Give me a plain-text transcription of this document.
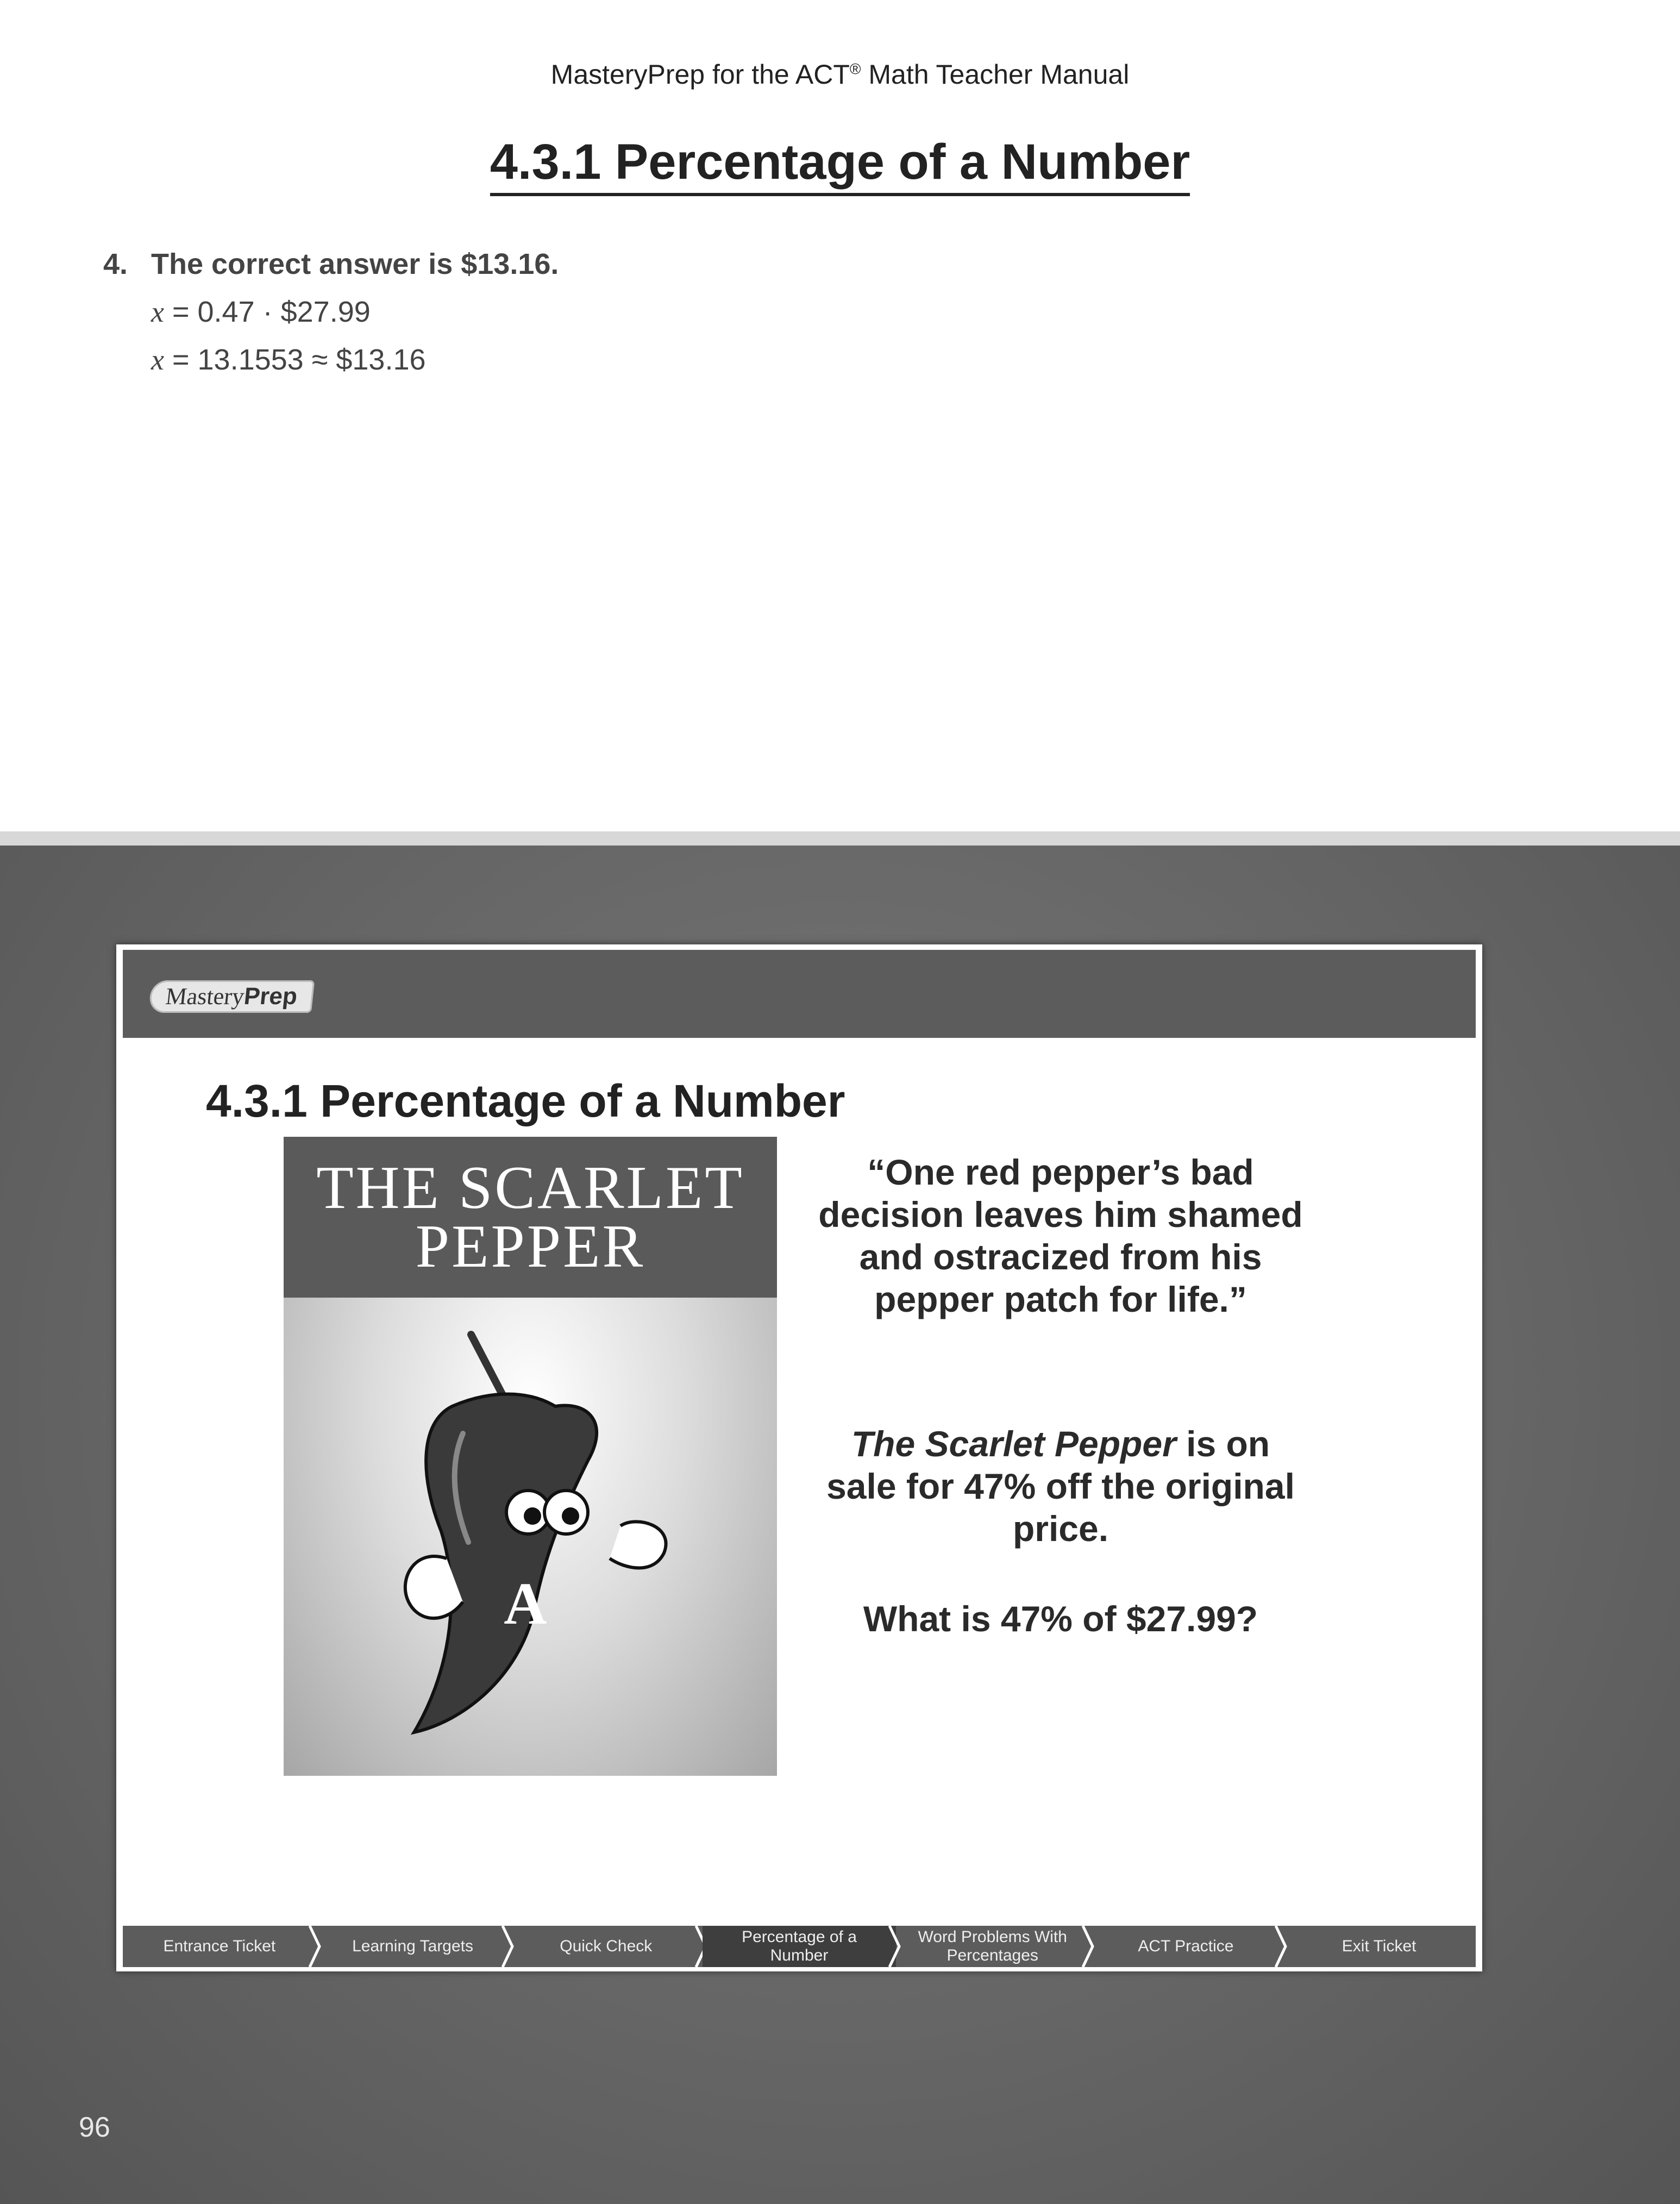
MasteryPrep for the ACT® Math Teacher Manual
4.3.1 Percentage of a Number
4. The correct answer is $13.16.
x = 0.47 · $27.99
x = 13.1553 ≈ $13.16
MasteryPrep
4.3.1 Percentage of a Number
THE SCARLET
PEPPER
A
“One red pepper’s bad decision leaves him shamed and ostracized from his pepper patch for life.”
The Scarlet Pepper is on sale for 47% off the original price.
What is 47% of $27.99?
Entrance Ticket	Learning Targets	Quick Check
Percentage of a Number
Word Problems With Percentages
ACT Practice	Exit Ticket
96
